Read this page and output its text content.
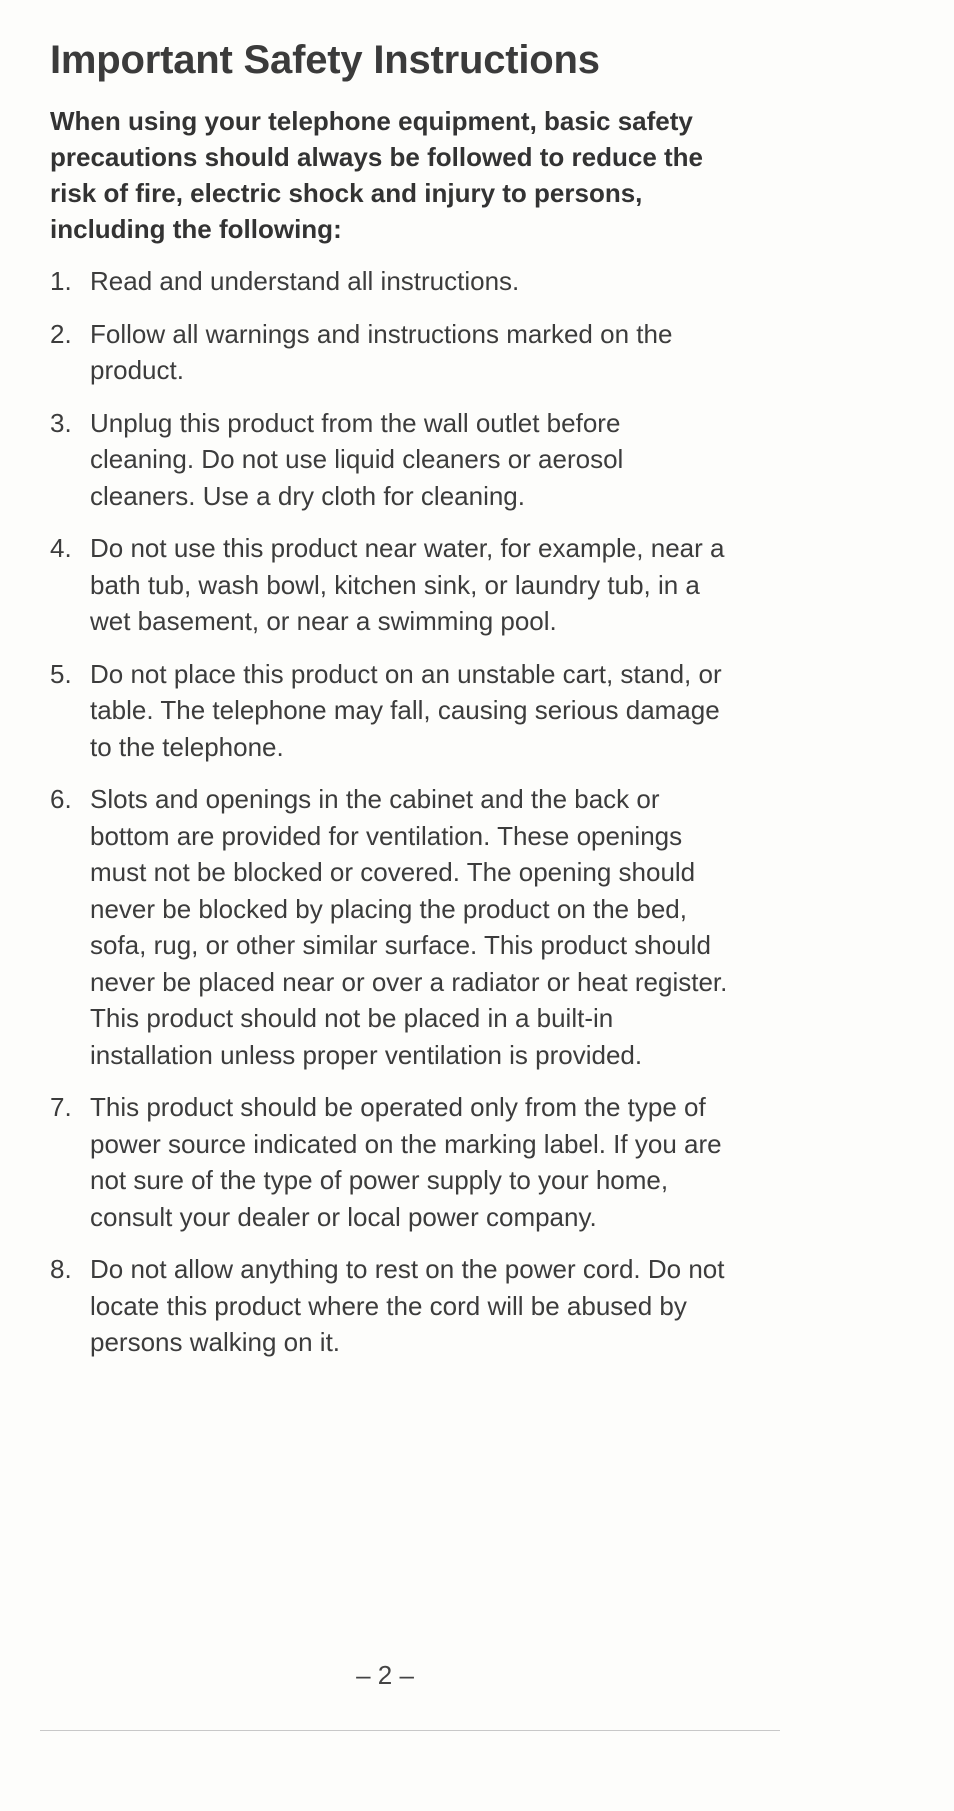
Important Safety Instructions

When using your telephone equipment, basic safety precautions should always be followed to reduce the risk of fire, electric shock and injury to persons, including the following:

1. Read and understand all instructions.
2. Follow all warnings and instructions marked on the product.
3. Unplug this product from the wall outlet before cleaning. Do not use liquid cleaners or aerosol cleaners. Use a dry cloth for cleaning.
4. Do not use this product near water, for example, near a bath tub, wash bowl, kitchen sink, or laundry tub, in a wet basement, or near a swimming pool.
5. Do not place this product on an unstable cart, stand, or table. The telephone may fall, causing serious damage to the telephone.
6. Slots and openings in the cabinet and the back or bottom are provided for ventilation. These openings must not be blocked or covered. The opening should never be blocked by placing the product on the bed, sofa, rug, or other similar surface. This product should never be placed near or over a radiator or heat register. This product should not be placed in a built-in installation unless proper ventilation is provided.
7. This product should be operated only from the type of power source indicated on the marking label. If you are not sure of the type of power supply to your home, consult your dealer or local power company.
8. Do not allow anything to rest on the power cord. Do not locate this product where the cord will be abused by persons walking on it.
– 2 –
